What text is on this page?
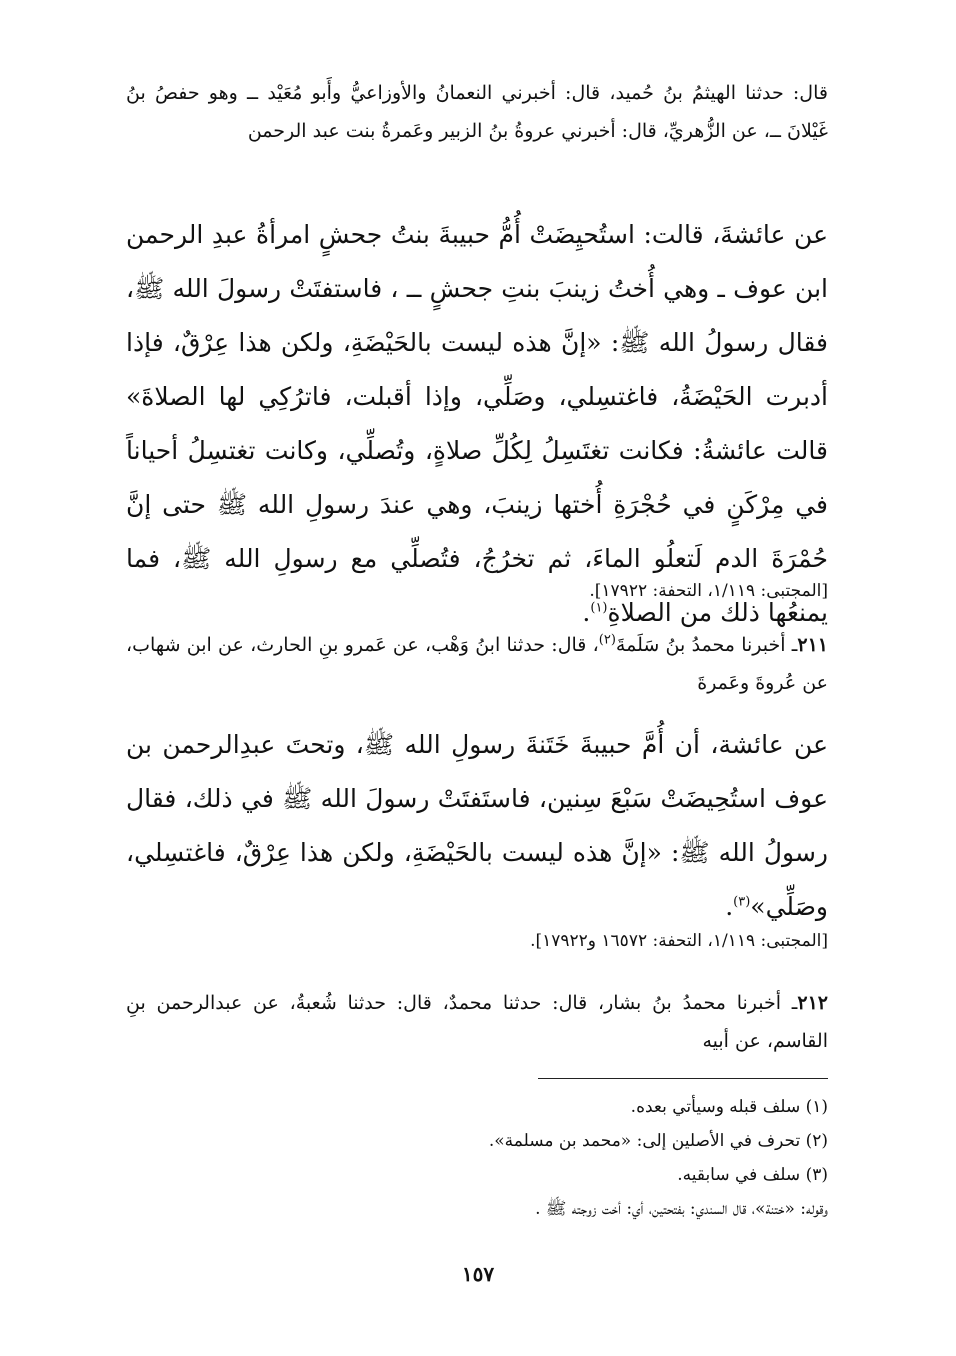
قال: حدثنا الهيثمُ بنُ حُميد، قال: أخبرني النعمانُ والأوزاعيُّ وأَبو مُعَيْد ــ وهو حفصُ بنُ غَيْلانَ ــ، عن الزُّهريِّ، قال: أخبرني عروةُ بنُ الزبير وعَمرةُ بنت عبد الرحمن
عن عائشةَ، قالت: استُحيِضَتْ أُمُّ حبيبةَ بنتُ جحشٍ امرأةُ عبدِ الرحمن ابن عوف ـ وهي أُختُ زينبَ بنتِ جحشٍ ــ ، فاستفتَتْ رسولَ الله ﷺ، فقال رسولُ الله ﷺ: «إنَّ هذه ليست بالحَيْضَةِ، ولكن هذا عِرْقٌ، فإذا أدبرت الحَيْضَةُ، فاغتسِلي، وصَلِّي، وإذا أقبلت، فاترُكِي لها الصلاةَ» قالت عائشةُ: فكانت تغتَسِلُ لِكُلِّ صلاةٍ، وتُصلِّي، وكانت تغتسِلُ أحياناً في مِرْكَنٍ في حُجْرَةِ أُختها زينبَ، وهي عندَ رسولِ الله ﷺ حتى إنَّ حُمْرَةَ الدم لَتعلُو الماءَ، ثم تخرُجُ، فتُصلِّي مع رسولِ الله ﷺ، فما يمنعُها ذلك من الصلاةِ$^{(١)}$.
[المجتبى: ١/١١٩، التحفة: ١٧٩٢٢].
٢١١ـ أخبرنا محمدُ بنُ سَلَمةَ$^{(٢)}$، قال: حدثنا ابنُ وَهْب، عن عَمرو بنِ الحارث، عن ابن شهاب، عن عُروةَ وعَمرةَ
عن عائشة، أن أُمَّ حبيبةَ خَتَنةَ رسولِ الله ﷺ، وتحتَ عبدِالرحمن بن عوف استُحِيضَتْ سَبْعَ سِنين، فاستَفتَتْ رسولَ الله ﷺ في ذلك، فقال رسولُ الله ﷺ: «إنَّ هذه ليست بالحَيْضَةِ، ولكن هذا عِرْقٌ، فاغتسِلي، وصَلِّي»$^{(٣)}$.
[المجتبى: ١/١١٩، التحفة: ١٦٥٧٢ و١٧٩٢٢].
٢١٢ـ أخبرنا محمدُ بنُ بشار، قال: حدثنا محمدٌ، قال: حدثنا شُعبةُ، عن عبدالرحمن بنِ القاسم، عن أبيه
(١) سلف قبله وسيأتي بعده.
(٢) تحرف في الأصلين إلى: «محمد بن مسلمة».
(٣) سلف في سابقيه.
وقوله: «ختنة»، قال السندي: بفتحتين، أي: أخت زوجته ﷺ .
١٥٧
